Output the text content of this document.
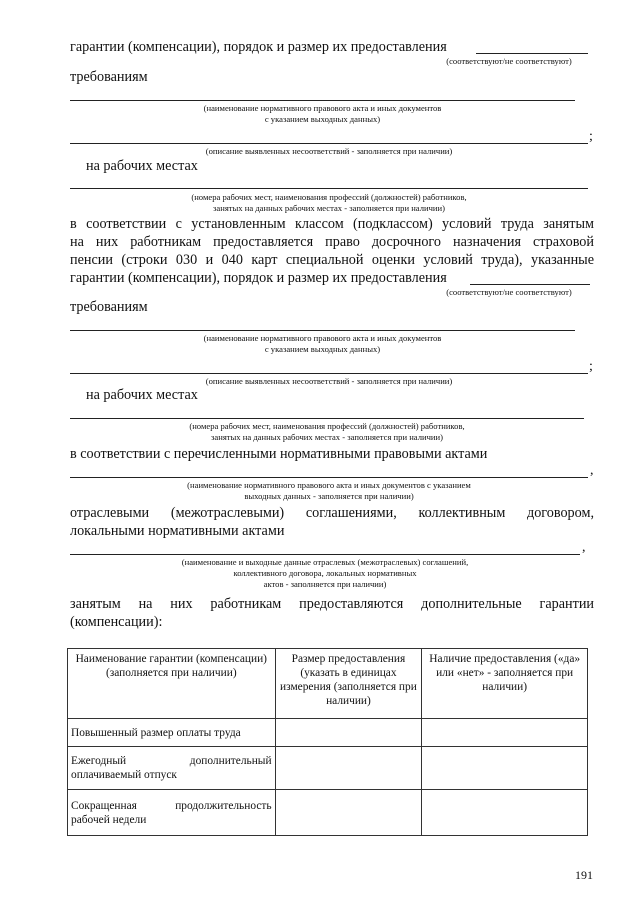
гарантии (компенсации), порядок и размер их предоставления
(соответствуют/не соответствуют)
требованиям
(наименование нормативного правового акта и иных документов
с указанием выходных данных)
;
(описание выявленных несоответствий - заполняется при наличии)
на рабочих местах
(номера рабочих мест, наименования профессий (должностей) работников,
занятых на данных рабочих местах - заполняется при наличии)
в соответствии с установленным классом (подклассом) условий труда занятым
на них работникам предоставляется право досрочного назначения страховой
пенсии (строки 030 и 040 карт специальной оценки условий труда), указанные
гарантии (компенсации), порядок и размер их предоставления
(соответствуют/не соответствуют)
требованиям
(наименование нормативного правового акта и иных документов
с указанием выходных данных)
;
(описание выявленных несоответствий - заполняется при наличии)
на рабочих местах
(номера рабочих мест, наименования профессий (должностей) работников,
занятых на данных рабочих местах - заполняется при наличии)
в соответствии с перечисленными нормативными правовыми актами
,
(наименование нормативного правового акта и иных документов с указанием
выходных данных - заполняется при наличии)
отраслевыми (межотраслевыми) соглашениями, коллективным договором,
локальными нормативными актами
,
(наименование и выходные данные отраслевых (межотраслевых) соглашений,
коллективного договора, локальных нормативных
актов - заполняется при наличии)
занятым на них работникам предоставляются дополнительные гарантии
(компенсации):
Наименование гарантии (компенсации) (заполняется при наличии)	Размер предоставления (указать в единицах измерения (заполняется при наличии)	Наличие предоставления («да» или «нет» - заполняется при наличии)
Повышенный размер оплаты труда		
Ежегодный дополнительный оплачиваемый отпуск		
Сокращенная продолжительность рабочей недели		
191
